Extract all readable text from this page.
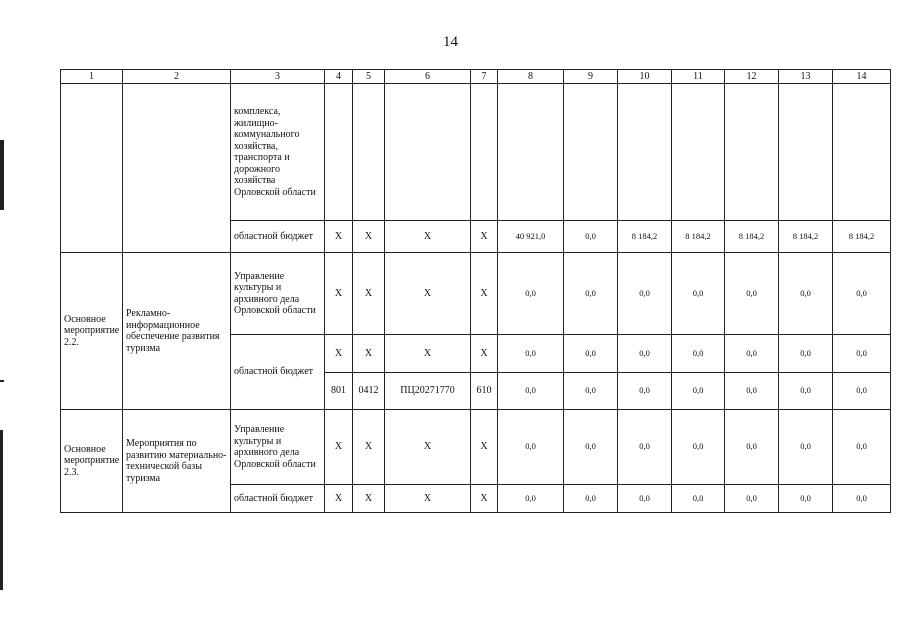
14
1	2	3	4	5	6	7	8	9	10	11	12	13	14
		комплекса, жилищно-коммунального хозяйства, транспорта и дорожного хозяйства Орловской области											
		областной бюджет	X	X	X	X	40 921,0	0,0	8 184,2	8 184,2	8 184,2	8 184,2	8 184,2
Основное мероприятие 2.2.	Рекламно-информационное обеспечение развития туризма	Управление культуры и архивного дела Орловской области	X	X	X	X	0,0	0,0	0,0	0,0	0,0	0,0	0,0
		областной бюджет	X	X	X	X	0,0	0,0	0,0	0,0	0,0	0,0	0,0
			801	0412	ПЦ20271770	610	0,0	0,0	0,0	0,0	0,0	0,0	0,0
Основное мероприятие 2.3.	Мероприятия по развитию материально-технической базы туризма	Управление культуры и архивного дела Орловской области	X	X	X	X	0,0	0,0	0,0	0,0	0,0	0,0	0,0
		областной бюджет	X	X	X	X	0,0	0,0	0,0	0,0	0,0	0,0	0,0
